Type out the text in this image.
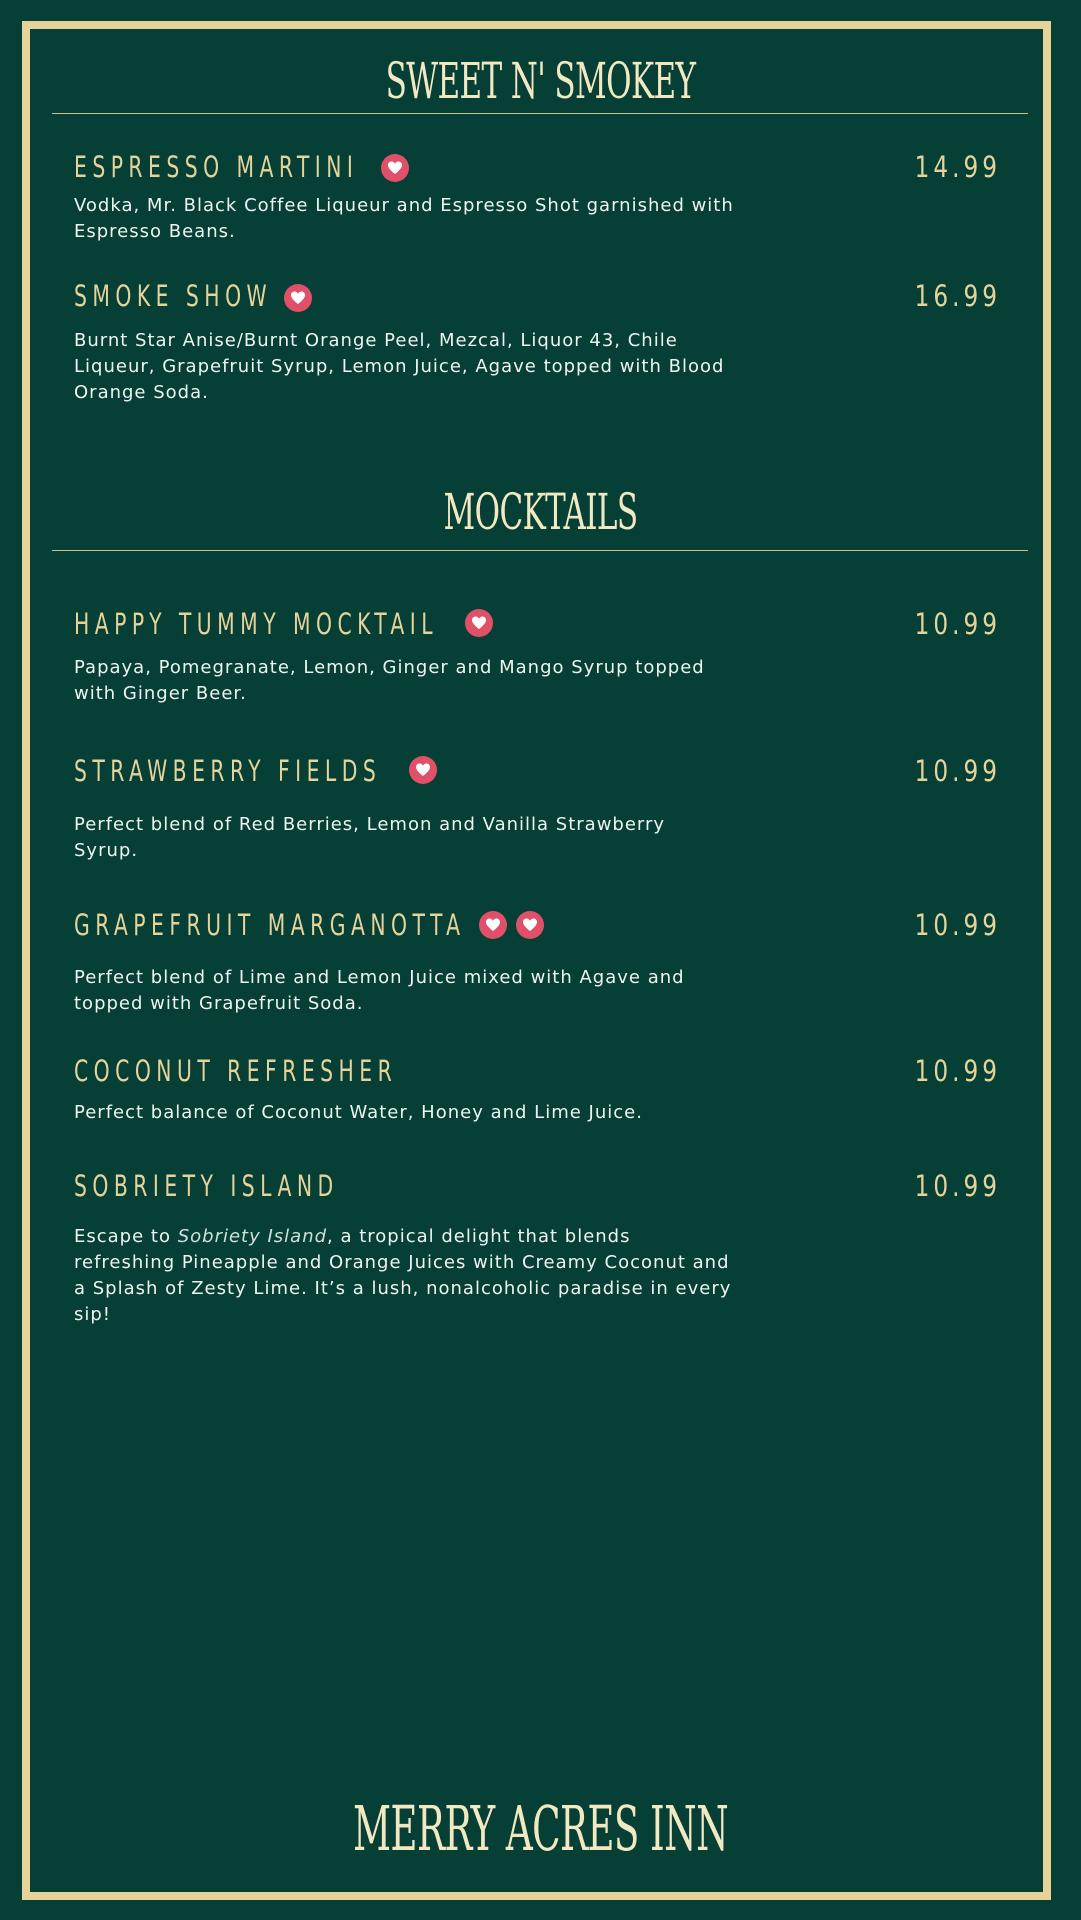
SWEET N' SMOKEY
ESPRESSO MARTINI	14.99
Vodka, Mr. Black Coffee Liqueur and Espresso Shot garnished with Espresso Beans.
SMOKE SHOW	16.99
Burnt Star Anise/Burnt Orange Peel, Mezcal, Liquor 43, Chile Liqueur, Grapefruit Syrup, Lemon Juice, Agave topped with Blood Orange Soda.
MOCKTAILS
HAPPY TUMMY MOCKTAIL	10.99
Papaya, Pomegranate, Lemon, Ginger and Mango Syrup topped with Ginger Beer.
STRAWBERRY FIELDS	10.99
Perfect blend of Red Berries, Lemon and Vanilla Strawberry Syrup.
GRAPEFRUIT MARGANOTTA	10.99
Perfect blend of Lime and Lemon Juice mixed with Agave and topped with Grapefruit Soda.
COCONUT REFRESHER	10.99
Perfect balance of Coconut Water, Honey and Lime Juice.
SOBRIETY ISLAND	10.99
Escape to Sobriety Island, a tropical delight that blends refreshing Pineapple and Orange Juices with Creamy Coconut and a Splash of Zesty Lime. It’s a lush, nonalcoholic paradise in every sip!
MERRY ACRES INN
